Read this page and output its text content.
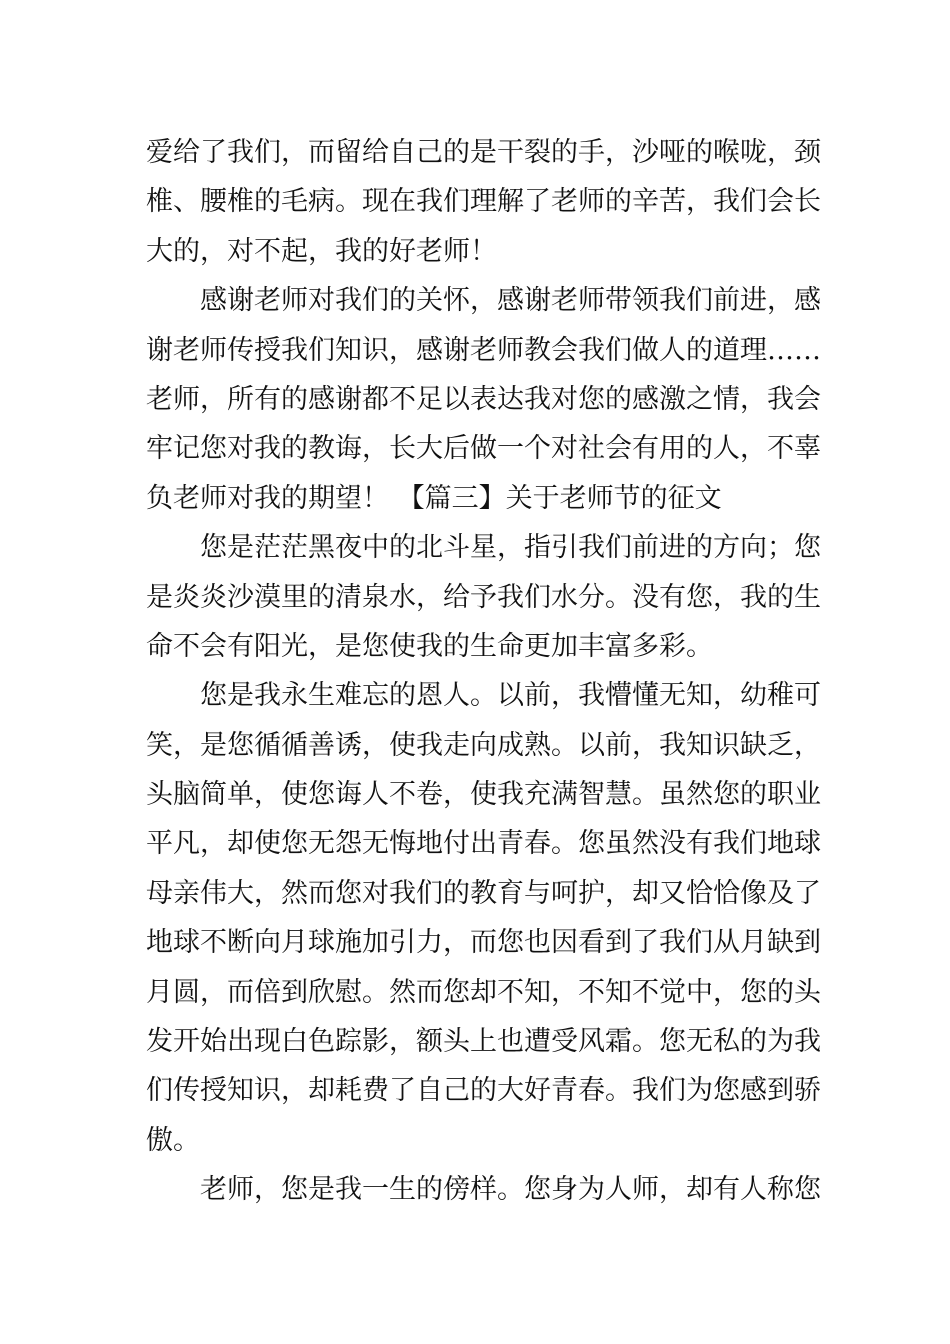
爱给了我们，而留给自己的是干裂的手，沙哑的喉咙，颈
椎、腰椎的毛病。现在我们理解了老师的辛苦，我们会长
大的，对不起，我的好老师！
感谢老师对我们的关怀，感谢老师带领我们前进，感
谢老师传授我们知识，感谢老师教会我们做人的道理……
老师，所有的感谢都不足以表达我对您的感激之情，我会
牢记您对我的教诲，长大后做一个对社会有用的人，不辜
负老师对我的期望！ 【篇三】关于老师节的征文
您是茫茫黑夜中的北斗星，指引我们前进的方向；您
是炎炎沙漠里的清泉水，给予我们水分。没有您，我的生
命不会有阳光，是您使我的生命更加丰富多彩。
您是我永生难忘的恩人。以前，我懵懂无知，幼稚可
笑，是您循循善诱，使我走向成熟。以前，我知识缺乏，
头脑简单，使您诲人不卷，使我充满智慧。虽然您的职业
平凡，却使您无怨无悔地付出青春。您虽然没有我们地球
母亲伟大，然而您对我们的教育与呵护，却又恰恰像及了
地球不断向月球施加引力，而您也因看到了我们从月缺到
月圆，而倍到欣慰。然而您却不知，不知不觉中，您的头
发开始出现白色踪影，额头上也遭受风霜。您无私的为我
们传授知识，却耗费了自己的大好青春。我们为您感到骄
傲。
老师，您是我一生的傍样。您身为人师，却有人称您
